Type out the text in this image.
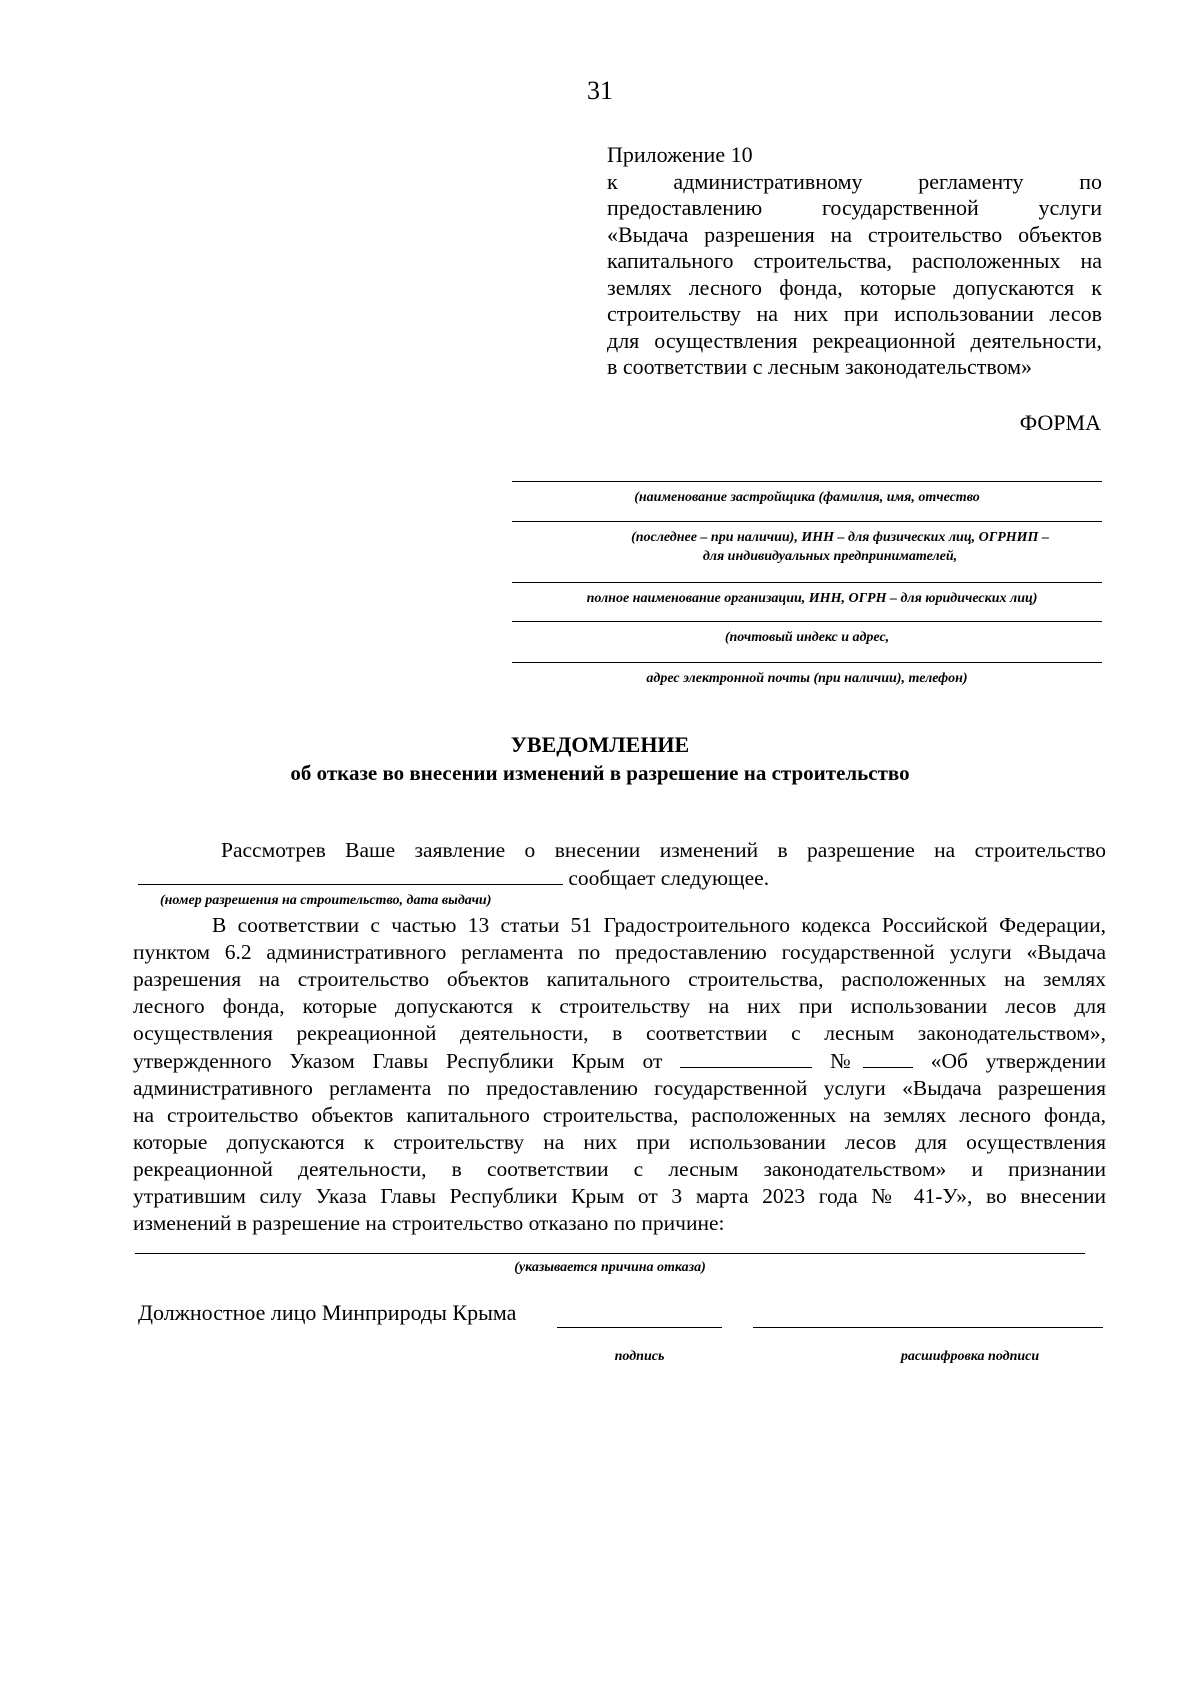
31
Приложение 10
к административному регламенту по
предоставлению государственной услуги
«Выдача разрешения на строительство объектов
капитального строительства, расположенных на
землях лесного фонда, которые допускаются к
строительству на них при использовании лесов
для осуществления рекреационной деятельности,
в соответствии с лесным законодательством»
ФОРМА
(наименование застройщика (фамилия, имя, отчество
(последнее – при наличии), ИНН – для физических лиц, ОГРНИП –
для индивидуальных предпринимателей,
полное наименование организации, ИНН, ОГРН – для юридических лиц)
(почтовый индекс и адрес,
адрес электронной почты (при наличии), телефон)
УВЕДОМЛЕНИЕ
об отказе во внесении изменений в разрешение на строительство
Рассмотрев Ваше заявление о внесении изменений в разрешение на строительство
сообщает следующее.
(номер разрешения на строительство, дата выдачи)
В соответствии с частью 13 статьи 51 Градостроительного кодекса Российской Федерации,
пунктом 6.2 административного регламента по предоставлению государственной услуги «Выдача
разрешения на строительство объектов капитального строительства, расположенных на землях
лесного фонда, которые допускаются к строительству на них при использовании лесов для
осуществления рекреационной деятельности, в соответствии с лесным законодательством»,
утвержденного Указом Главы Республики Крым от	№	«Об утверждении
административного регламента по предоставлению государственной услуги «Выдача разрешения
на строительство объектов капитального строительства, расположенных на землях лесного фонда,
которые допускаются к строительству на них при использовании лесов для осуществления
рекреационной деятельности, в соответствии с лесным законодательством» и признании
утратившим силу Указа Главы Республики Крым от 3 марта 2023 года № 41-У», во внесении
изменений в разрешение на строительство отказано по причине:
(указывается причина отказа)
Должностное лицо Минприроды Крыма
подпись	расшифровка подписи
